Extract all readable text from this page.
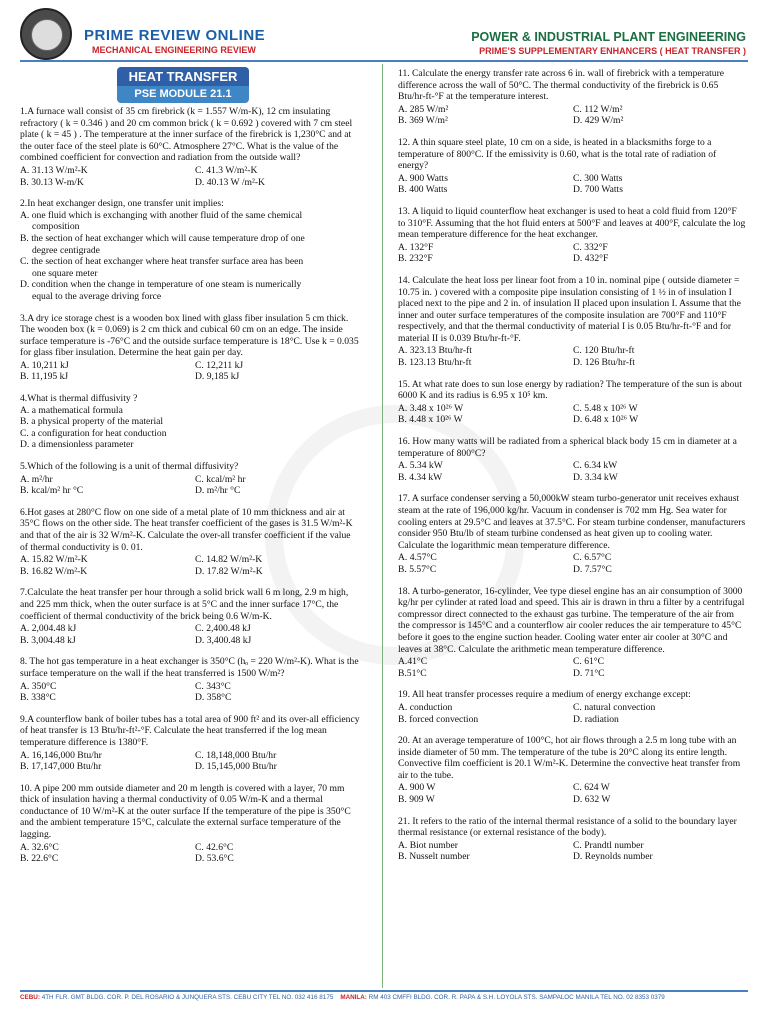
PRIME REVIEW ONLINE
MECHANICAL ENGINEERING REVIEW
POWER & INDUSTRIAL PLANT ENGINEERING
PRIME'S SUPPLEMENTARY ENHANCERS ( HEAT TRANSFER )
HEAT TRANSFER
PSE MODULE 21.1
1.A furnace wall consist of 35 cm firebrick (k = 1.557 W/m-K), 12 cm insulating refractory ( k = 0.346 ) and 20 cm common brick ( k = 0.692 ) covered with 7 cm steel plate ( k = 45 ) . The temperature at the inner surface of the firebrick is 1,230°C and at the outer face of the steel plate is 60°C. Atmosphere 27°C. What is the value of the combined coefficient for convection and radiation from the outside wall?
A. 31.13 W/m²-K	C. 41.3 W/m²-K
B. 30.13 W-m/K	D. 40.13 W /m²-K
2.In heat exchanger design, one transfer unit implies:
A. one fluid which is exchanging with another fluid of the same chemical
composition
B. the section of heat exchanger which will cause temperature drop of one
degree centigrade
C. the section of heat exchanger where heat transfer surface area has been
one square meter
D. condition when the change in temperature of one steam is numerically
equal to the average driving force
3.A dry ice storage chest is a wooden box lined with glass fiber insulation 5 cm thick. The wooden box (k = 0.069) is 2 cm thick and cubical 60 cm on an edge. The inside surface temperature is -76°C and the outside surface temperature is 18°C. Use k = 0.035 for glass fiber insulation. Determine the heat gain per day.
A. 10,211 kJ	C. 12,211 kJ
B. 11,195 kJ	D. 9,185 kJ
4.What is thermal diffusivity ?
A. a mathematical formula
B. a physical property of the material
C. a configuration for heat conduction
D. a dimensionless parameter
5.Which of the following is a unit of thermal diffusivity?
A. m²/hr	C. kcal/m² hr
B. kcal/m² hr °C	D. m²/hr °C
6.Hot gases at 280°C flow on one side of a metal plate of 10 mm thickness and air at 35°C flows on the other side. The heat transfer coefficient of the gases is 31.5 W/m²-K and that of the air is 32 W/m²-K. Calculate the over-all transfer coefficient if the value of thermal conductivity is 0. 01.
A. 15.82 W/m²-K	C. 14.82 W/m²-K
B. 16.82 W/m²-K	D. 17.82 W/m²-K
7.Calculate the heat transfer per hour through a solid brick wall 6 m long, 2.9 m high, and 225 mm thick, when the outer surface is at 5°C and the inner surface 17°C, the coefficient of thermal conductivity of the brick being 0.6 W/m-K.
A. 2,004.48 kJ	C. 2,400.48 kJ
B. 3,004.48 kJ	D. 3,400.48 kJ
8. The hot gas temperature in a heat exchanger is 350°C (hₒ = 220 W/m²-K). What is the surface temperature on the wall if the heat transferred is 1500 W/m²?
A. 350°C	C. 343°C
B. 338°C	D. 358°C
9.A counterflow bank of boiler tubes has a total area of 900 ft² and its over-all efficiency of heat transfer is 13 Btu/hr-ft²-°F. Calculate the heat transferred if the log mean temperature difference is 1380°F.
A. 16,146,000 Btu/hr	C. 18,148,000 Btu/hr
B. 17,147,000 Btu/hr	D. 15,145,000 Btu/hr
10. A pipe 200 mm outside diameter and 20 m length is covered with a layer, 70 mm thick of insulation having a thermal conductivity of 0.05 W/m-K and a thermal conductance of 10 W/m²-K at the outer surface If the temperature of the pipe is 350°C and the ambient temperature 15°C, calculate the external surface temperature of the lagging.
A. 32.6°C	C. 42.6°C
B. 22.6°C	D. 53.6°C
11. Calculate the energy transfer rate across 6 in. wall of firebrick with a temperature difference across the wall of 50°C. The thermal conductivity of the firebrick is 0.65 Btu/hr-ft-°F at the temperature interest.
A. 285 W/m²	C. 112 W/m²
B. 369 W/m²	D. 429 W/m²
12. A thin square steel plate, 10 cm on a side, is heated in a blacksmiths forge to a temperature of 800°C. If the emissivity is 0.60, what is the total rate of radiation of energy?
A. 900 Watts	C. 300 Watts
B. 400 Watts	D. 700 Watts
13. A liquid to liquid counterflow heat exchanger is used to heat a cold fluid from 120°F to 310°F. Assuming that the hot fluid enters at 500°F and leaves at 400°F, calculate the log mean temperature difference for the heat exchanger.
A. 132°F	C. 332°F
B. 232°F	D. 432°F
14. Calculate the heat loss per linear foot from a 10 in. nominal pipe ( outside diameter = 10.75 in. ) covered with a composite pipe insulation consisting of 1 ½ in of insulation I placed next to the pipe and 2 in. of insulation II placed upon insulation I. Assume that the inner and outer surface temperatures of the composite insulation are 700°F and 110°F respectively, and that the thermal conductivity of material I is 0.05 Btu/hr-ft-°F and for material II is 0.039 Btu/hr-ft-°F.
A. 323.13 Btu/hr-ft	C. 120 Btu/hr-ft
B. 123.13 Btu/hr-ft	D. 126 Btu/hr-ft
15. At what rate does to sun lose energy by radiation? The temperature of the sun is about 6000 K and its radius is 6.95 x 10⁵ km.
A. 3.48 x 10²⁶ W	C. 5.48 x 10²⁶ W
B. 4.48 x 10²⁶ W	D. 6.48 x 10²⁶ W
16. How many watts will be radiated from a spherical black body 15 cm in diameter at a temperature of 800°C?
A. 5.34 kW	C. 6.34 kW
B. 4.34 kW	D. 3.34 kW
17. A surface condenser serving a 50,000kW steam turbo-generator unit receives exhaust steam at the rate of 196,000 kg/hr. Vacuum in condenser is 702 mm Hg. Sea water for cooling enters at 29.5°C and leaves at 37.5°C. For steam turbine condenser, manufacturers consider 950 Btu/lb of steam turbine condensed as heat given up to cooling water. Calculate the logarithmic mean temperature difference.
A. 4.57°C	C. 6.57°C
B. 5.57°C	D. 7.57°C
18. A turbo-generator, 16-cylinder, Vee type diesel engine has an air consumption of 3000 kg/hr per cylinder at rated load and speed. This air is drawn in thru a filter by a centrifugal compressor direct connected to the exhaust gas turbine. The temperature of the air from the compressor is 145°C and a counterflow air cooler reduces the air temperature to 45°C before it goes to the engine suction header. Cooling water enter air cooler at 30°C and leaves at 38°C. Calculate the arithmetic mean temperature difference.
A.41°C	C. 61°C
B.51°C	D. 71°C
19. All heat transfer processes require a medium of energy exchange except:
A. conduction	C. natural convection
B. forced convection	D. radiation
20. At an average temperature of 100°C, hot air flows through a 2.5 m long tube with an inside diameter of 50 mm. The temperature of the tube is 20°C along its entire length. Convective film coefficient is 20.1 W/m²-K. Determine the convective heat transfer from air to the tube.
A. 900 W	C. 624 W
B. 909 W	D. 632 W
21. It refers to the ratio of the internal thermal resistance of a solid to the boundary layer thermal resistance (or external resistance of the body).
A. Biot number	C. Prandtl number
B. Nusselt number	D. Reynolds number
CEBU: 4TH FLR. GMT BLDG. COR. P. DEL ROSARIO & JUNQUERA STS. CEBU CITY TEL NO. 032 416 8175 MANILA: RM 403 CMFFI BLDG. COR. R. PAPA & S.H. LOYOLA STS. SAMPALOC MANILA TEL NO. 02 8353 0379
